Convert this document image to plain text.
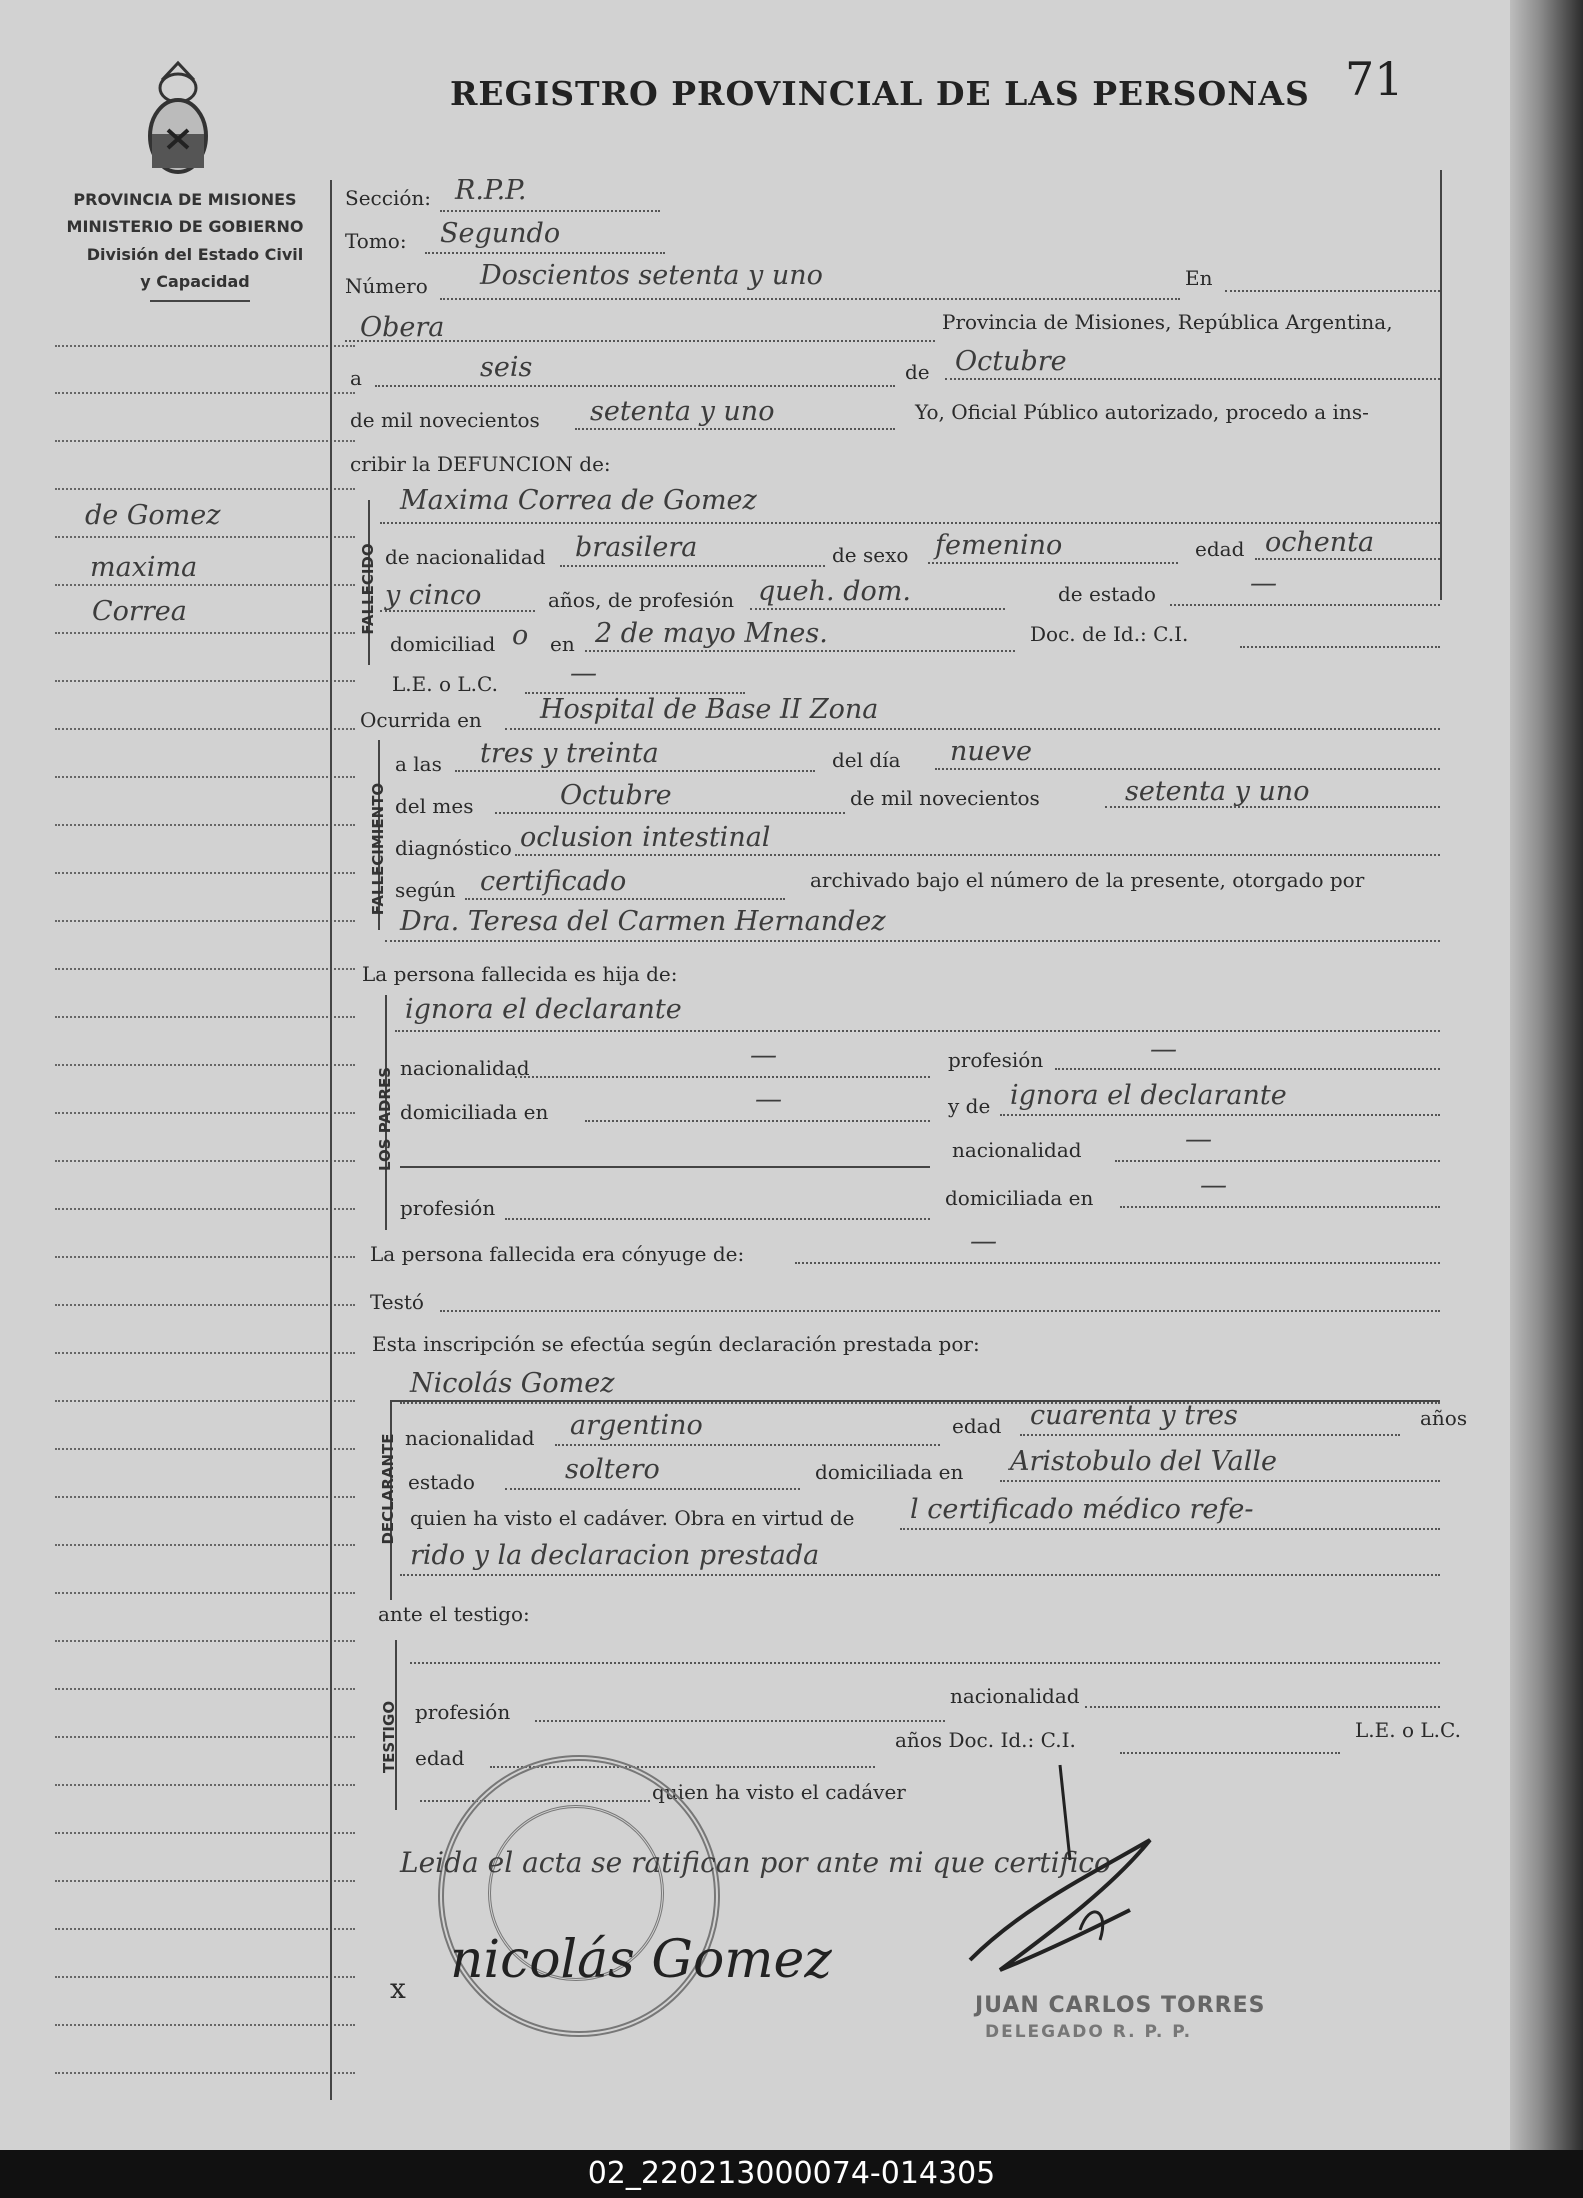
REGISTRO PROVINCIAL DE LAS PERSONAS 71
PROVINCIA DE MISIONES
MINISTERIO DE GOBIERNO
División del Estado Civil
y Capacidad
de Gomez
maxima
Correa
Sección: R.P.P.
Tomo: Segundo
Número Doscientos setenta y uno	En
Obera	Provincia de Misiones, República Argentina,
a	seis	de Octubre
de mil novecientos setenta y uno	Yo, Oficial Público autorizado, procedo a ins-
cribir la DEFUNCION de:
FALLECIDO
Maxima Correa de Gomez
de nacionalidad brasilera	de sexo femenino	edad ochenta
y cinco	años, de profesión queh. dom.	de estado	—
domiciliad o en 2 de mayo Mnes.	Doc. de Id.: C.I.
L.E. o L.C.	—
Ocurrida en Hospital de Base II Zona
FALLECIMIENTO
a las tres y treinta	del día nueve
del mes	Octubre	de mil novecientos	setenta y uno
diagnóstico oclusion intestinal
según certificado	archivado bajo el número de la presente, otorgado por
Dra. Teresa del Carmen Hernandez
La persona fallecida es hija de:
LOS PADRES
ignora el declarante
nacionalidad	—	profesión	—
domiciliada en	—	y de ignora el declarante
nacionalidad	—
profesión	domiciliada en	—
La persona fallecida era cónyuge de:	—
Testó
Esta inscripción se efectúa según declaración prestada por:
Nicolás Gomez
DECLARANTE nacionalidad argentino	edad cuarenta y tres	años
estado	soltero	domiciliada en Aristobulo del Valle
quien ha visto el cadáver. Obra en virtud de l certificado médico refe-
rido y la declaracion prestada
ante el testigo:
TESTIGO
nacionalidad
profesión
L.E. o L.C.
edad
años Doc. Id.: C.I.
quien ha visto el cadáver
Leida el acta se ratifican por ante mi que certifico
x nicolás Gomez
JUAN CARLOS TORRES
DELEGADO R. P. P.
02_220213000074-014305
